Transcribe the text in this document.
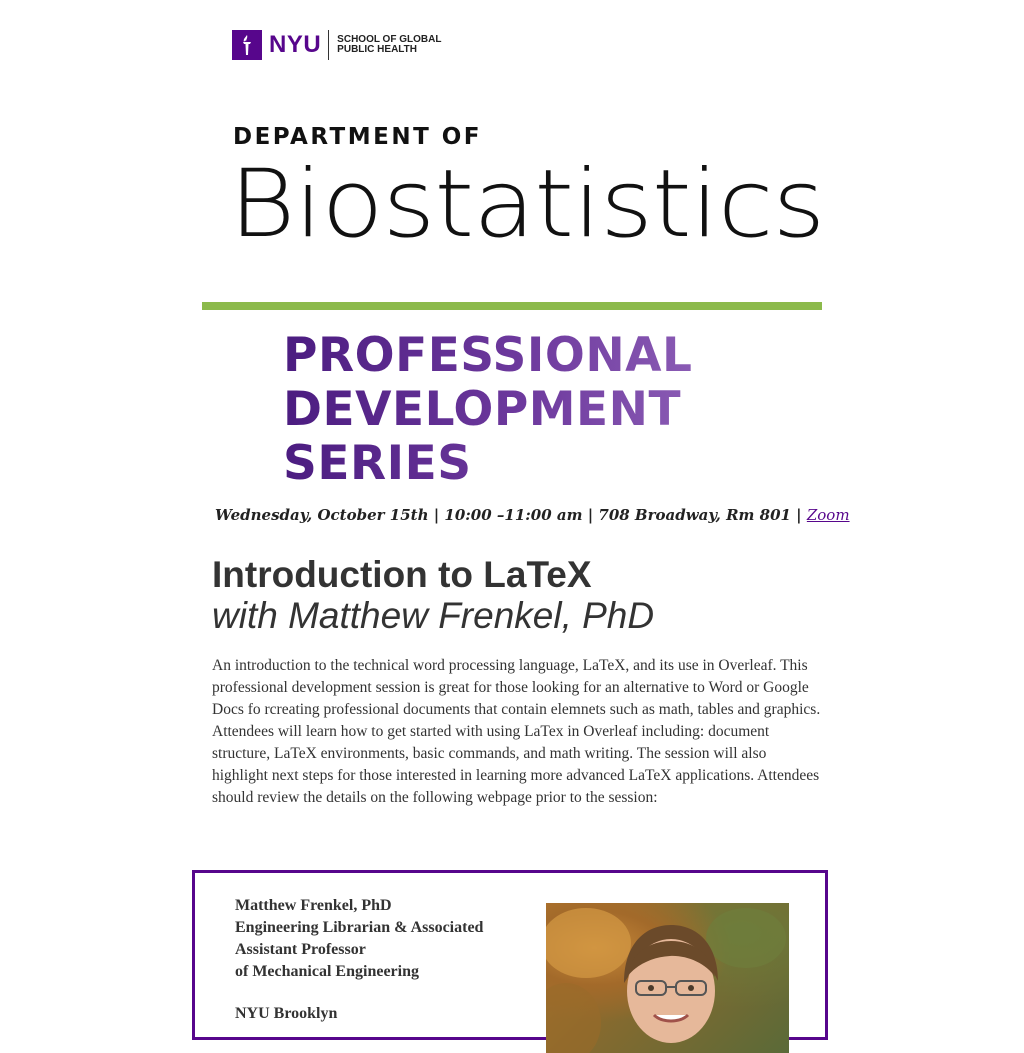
NYU SCHOOL OF GLOBAL
PUBLIC HEALTH
DEPARTMENT OF
Biostatistics
PROFESSIONAL
DEVELOPMENT
SERIES
Wednesday, October 15th | 10:00 –11:00 am | 708 Broadway, Rm 801 | Zoom
Introduction to LaTeX
with Matthew Frenkel, PhD
An introduction to the technical word processing language, LaTeX, and its use in Overleaf. This professional development session is great for those looking for an alternative to Word or Google Docs fo rcreating professional documents that contain elemnets such as math, tables and graphics. Attendees will learn how to get started with using LaTex in Overleaf including: document structure, LaTeX environments, basic commands, and math writing. The session will also highlight next steps for those interested in learning more advanced LaTeX applications. Attendees should review the details on the following webpage prior to the session:
Matthew Frenkel, PhD
Engineering Librarian & Associated
Assistant Professor
of Mechanical Engineering
NYU Brooklyn
